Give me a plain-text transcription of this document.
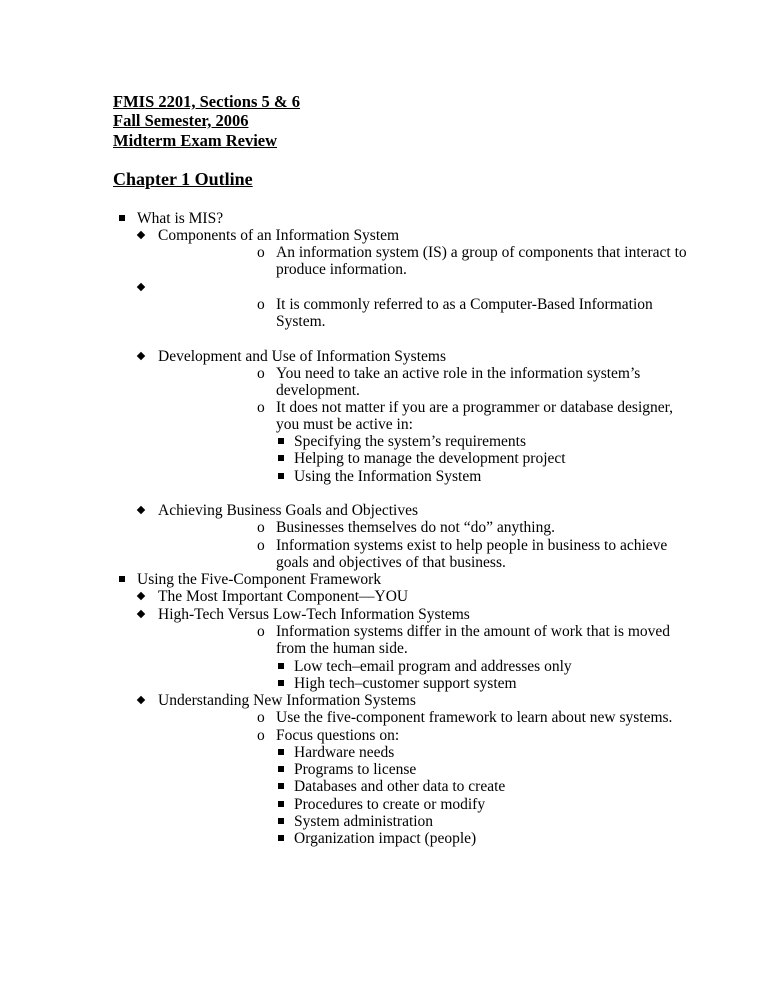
FMIS 2201, Sections 5 & 6
Fall Semester, 2006
Midterm Exam Review
Chapter 1 Outline
What is MIS?
Components of an Information System
o An information system (IS) a group of components that interact to
produce information.
o It is commonly referred to as a Computer-Based Information
System.
Development and Use of Information Systems
o You need to take an active role in the information system’s
development.
o It does not matter if you are a programmer or database designer,
you must be active in:
Specifying the system’s requirements
Helping to manage the development project
Using the Information System
Achieving Business Goals and Objectives
o Businesses themselves do not “do” anything.
o Information systems exist to help people in business to achieve
goals and objectives of that business.
Using the Five-Component Framework
The Most Important Component—YOU
High-Tech Versus Low-Tech Information Systems
o Information systems differ in the amount of work that is moved
from the human side.
Low tech–email program and addresses only
High tech–customer support system
Understanding New Information Systems
o Use the five-component framework to learn about new systems.
o Focus questions on:
Hardware needs
Programs to license
Databases and other data to create
Procedures to create or modify
System administration
Organization impact (people)
